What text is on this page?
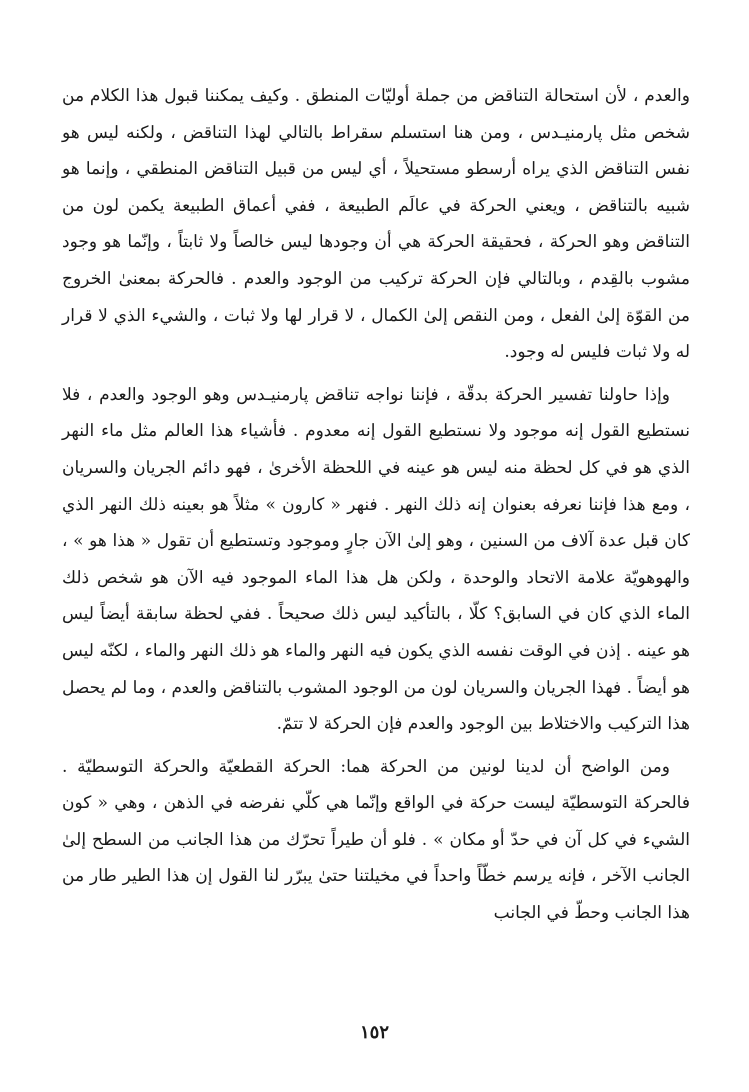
والعدم ، لأن استحالة التناقض من جملة أوليّات المنطق . وكيف يمكننا قبول هذا الكلام من شخص مثل پارمنيـدس ، ومن هنا استسلم سقراط بالتالي لهذا التناقض ، ولكنه ليس هو نفس التناقض الذي يراه أرسطو مستحيلاً ، أي ليس من قبيل التناقض المنطقي ، وإنما هو شبيه بالتناقض ، ويعني الحركة في عالَم الطبيعة ، ففي أعماق الطبيعة يكمن لون من التناقض وهو الحركة ، فحقيقة الحركة هي أن وجودها ليس خالصاً ولا ثابتاً ، وإنّما هو وجود مشوب بالقِدم ، وبالتالي فإن الحركة تركيب من الوجود والعدم . فالحركة بمعنىٰ الخروج من القوّة إلىٰ الفعل ، ومن النقص إلىٰ الكمال ، لا قرار لها ولا ثبات ، والشيء الذي لا قرار له ولا ثبات فليس له وجود.

وإذا حاولنا تفسير الحركة بدقّة ، فإننا نواجه تناقض پارمنيـدس وهو الوجود والعدم ، فلا نستطيع القول إنه موجود ولا نستطيع القول إنه معدوم . فأشياء هذا العالم مثل ماء النهر الذي هو في كل لحظة منه ليس هو عينه في اللحظة الأخرىٰ ، فهو دائم الجريان والسريان ، ومع هذا فإننا نعرفه بعنوان إنه ذلك النهر . فنهر « كارون » مثلاً هو بعينه ذلك النهر الذي كان قبل عدة آلاف من السنين ، وهو إلىٰ الآن جارٍ وموجود وتستطيع أن تقول « هذا هو » ، والهوهويّة علامة الاتحاد والوحدة ، ولكن هل هذا الماء الموجود فيه الآن هو شخص ذلك الماء الذي كان في السابق؟ كلّا ، بالتأكيد ليس ذلك صحيحاً . ففي لحظة سابقة أيضاً ليس هو عينه . إذن في الوقت نفسه الذي يكون فيه النهر والماء هو ذلك النهر والماء ، لكنّه ليس هو أيضاً . فهذا الجريان والسريان لون من الوجود المشوب بالتناقض والعدم ، وما لم يحصل هذا التركيب والاختلاط بين الوجود والعدم فإن الحركة لا تتمّ.

ومن الواضح أن لدينا لونين من الحركة هما: الحركة القطعيّة والحركة التوسطيّة . فالحركة التوسطيّة ليست حركة في الواقع وإنّما هي كلّي نفرضه في الذهن ، وهي « كون الشيء في كل آن في حدّ أو مكان » . فلو أن طيراً تحرّك من هذا الجانب من السطح إلىٰ الجانب الآخر ، فإنه يرسم خطّاً واحداً في مخيلتنا حتىٰ يبرّر لنا القول إن هذا الطير طار من هذا الجانب وحطّ في الجانب

١٥٢
